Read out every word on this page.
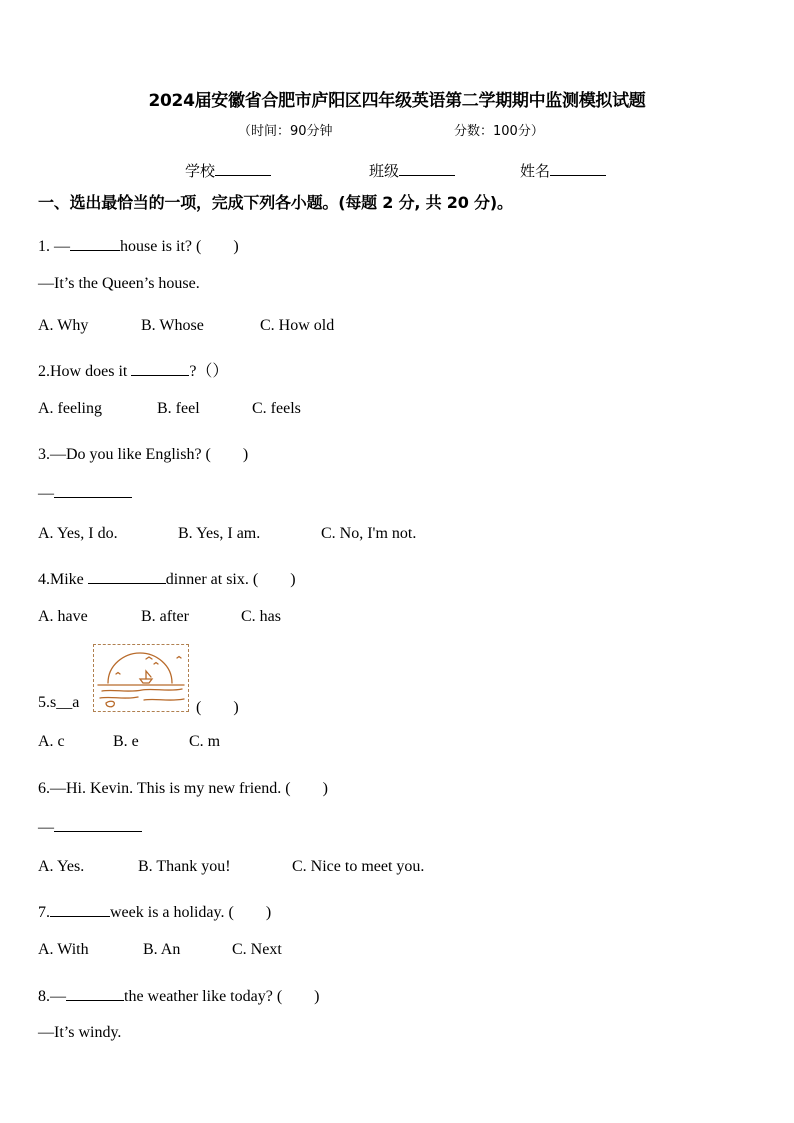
2024届安徽省合肥市庐阳区四年级英语第二学期期中监测模拟试题
（时间：90分钟	分数：100分）
学校	班级	姓名
一、选出最恰当的一项，完成下列各小题。(每题 2 分, 共 20 分)。
1. —	house is it? (　　)
—It’s the Queen’s house.
A. Why	B. Whose	C. How old
2.How does it	?（）
A. feeling	B. feel	C. feels
3.—Do you like English? (　　)
—
A. Yes, I do.	B. Yes, I am.	C. No, I'm not.
4.Mike	dinner at six. (　　)
A. have	B. after	C. has
5.s__a	(　　)
A. c	B. e	C. m
6.—Hi. Kevin. This is my new friend. (　　)
—
A. Yes.	B. Thank you!	C. Nice to meet you.
7.	week is a holiday. (　　)
A. With	B. An	C. Next
8.—	the weather like today? (　　)
—It’s windy.
